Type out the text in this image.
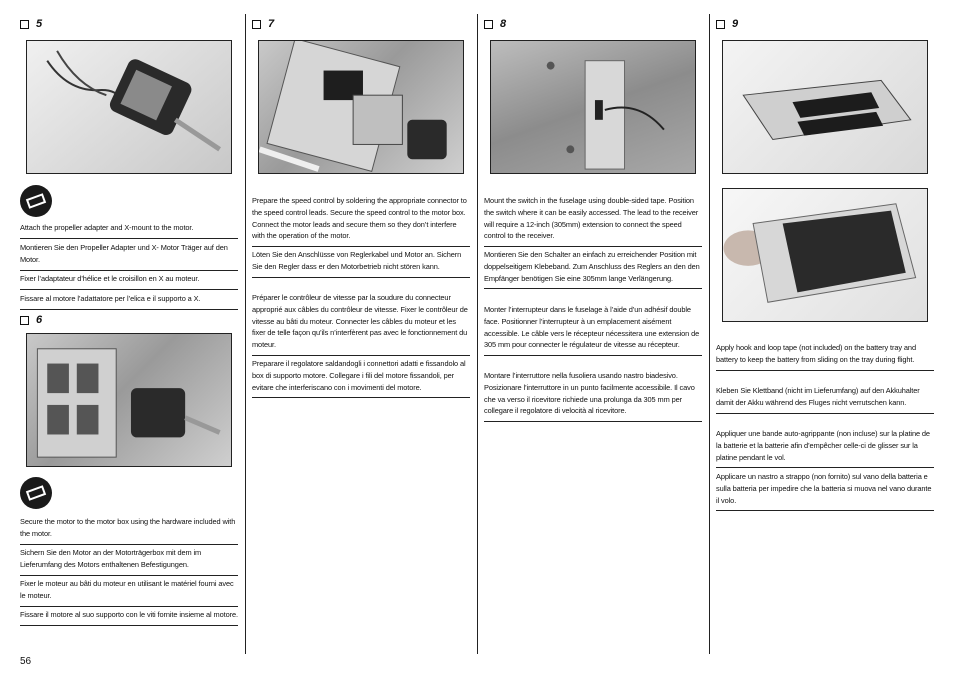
5
Attach the propeller adapter and X-mount to the motor.
Montieren Sie den Propeller Adapter und X- Motor Träger auf den Motor.
Fixer l’adaptateur d’hélice et le croisillon en X au moteur.
Fissare al motore l’adattatore per l’elica e il supporto a X.
6
Secure the motor to the motor box using the hardware included with the motor.
Sichern Sie den Motor an der Motorträgerbox mit dem im Lieferumfang des Motors enthaltenen Befestigungen.
Fixer le moteur au bâti du moteur en utilisant le matériel fourni avec le moteur.
Fissare il motore al suo supporto con le viti fornite insieme al motore.
7
Prepare the speed control by soldering the appropriate connector to the speed control leads. Secure the speed control to the motor box. Connect the motor leads and secure them so they don’t interfere with the operation of the motor.
Löten Sie den Anschlüsse von Reglerkabel und Motor an. Sichern Sie den Regler dass er den Motorbetrieb nicht stören kann.
Préparer le contrôleur de vitesse par la soudure du connecteur approprié aux câbles du contrôleur de vitesse. Fixer le contrôleur de vitesse au bâti du moteur. Connecter les câbles du moteur et les fixer de telle façon qu’ils n’interfèrent pas avec le fonctionnement du moteur.
Preparare il regolatore saldandogli i connettori adatti e fissandolo al box di supporto motore. Collegare i fili del motore fissandoli, per evitare che interferiscano con i movimenti del motore.
8
Mount the switch in the fuselage using double-sided tape. Position the switch where it can be easily accessed. The lead to the receiver will require a 12-inch (305mm) extension to connect the speed control to the receiver.
Montieren Sie den Schalter an einfach zu erreichender Position mit doppelseitigem Klebeband. Zum Anschluss des Reglers an den den Empfänger benötigen Sie eine 305mm lange Verlängerung.
Monter l’interrupteur dans le fuselage à l’aide d’un adhésif double face. Positionner l’interrupteur à un emplacement aisément accessible. Le câble vers le récepteur nécessitera une extension de 305 mm pour connecter le régulateur de vitesse au récepteur.
Montare l’interruttore nella fusoliera usando nastro biadesivo. Posizionare l’interruttore in un punto facilmente accessibile. Il cavo che va verso il ricevitore richiede una prolunga da 305 mm per collegare il regolatore di velocità al ricevitore.
9
Apply hook and loop tape (not included) on the battery tray and battery to keep the battery from sliding on the tray during flight.
Kleben Sie Klettband (nicht im Lieferumfang) auf den Akkuhalter damit der Akku während des Fluges nicht verrutschen kann.
Appliquer une bande auto-agrippante (non incluse) sur la platine de la batterie et la batterie afin d’empêcher celle-ci de glisser sur la platine pendant le vol.
Applicare un nastro a strappo (non fornito) sul vano della batteria e sulla batteria per impedire che la batteria si muova nel vano durante il volo.
56
